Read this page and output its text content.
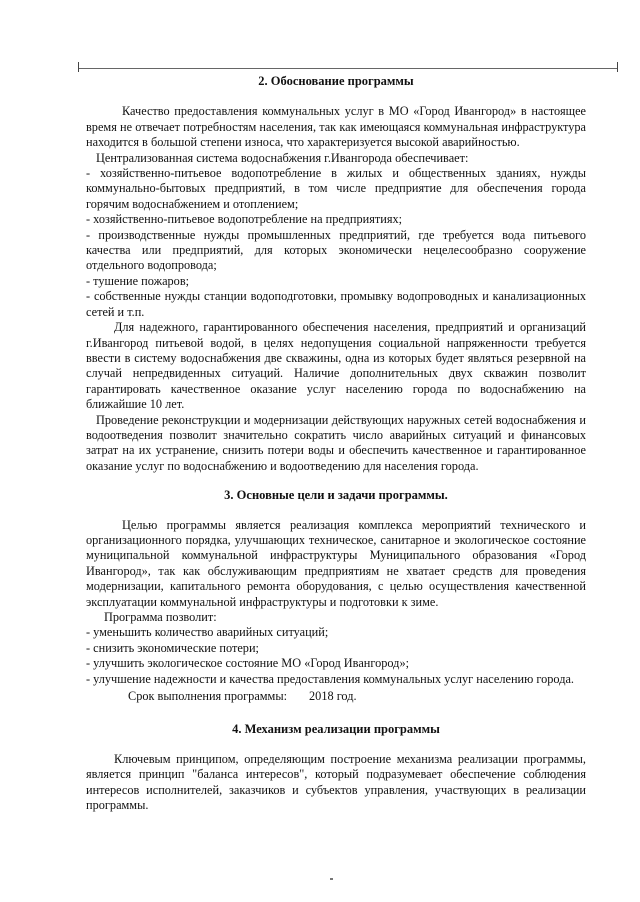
2. Обоснование программы

Качество предоставления коммунальных услуг в МО «Город Ивангород» в настоящее время не отвечает потребностям населения, так как имеющаяся коммунальная инфраструктура находится в большой степени износа, что характеризуется высокой аварийностью.

Централизованная система водоснабжения г.Ивангорода обеспечивает:

- хозяйственно-питьевое водопотребление в жилых и общественных зданиях, нужды коммунально-бытовых предприятий, в том числе предприятие для обеспечения города горячим водоснабжением и отоплением;

- хозяйственно-питьевое водопотребление на предприятиях;

- производственные нужды промышленных предприятий, где требуется вода питьевого качества или предприятий, для которых экономически нецелесообразно сооружение отдельного водопровода;

- тушение пожаров;

- собственные нужды станции водоподготовки, промывку водопроводных и канализационных сетей и т.п.

Для надежного, гарантированного обеспечения населения, предприятий и организаций г.Ивангород питьевой водой, в целях недопущения социальной напряженности требуется ввести в систему водоснабжения две скважины, одна из которых будет являться резервной на случай непредвиденных ситуаций. Наличие дополнительных двух скважин позволит гарантировать качественное оказание услуг населению города по водоснабжению на ближайшие 10 лет.

Проведение реконструкции и модернизации действующих наружных сетей водоснабжения и водоотведения позволит значительно сократить число аварийных ситуаций и финансовых затрат на их устранение, снизить потери воды и обеспечить качественное и гарантированное оказание услуг по водоснабжению и водоотведению для населения города.

3. Основные цели и задачи программы.

Целью программы является реализация комплекса мероприятий технического и организационного порядка, улучшающих техническое, санитарное и экологическое состояние муниципальной коммунальной инфраструктуры Муниципального образования «Город Ивангород», так как обслуживающим предприятиям не хватает средств для проведения модернизации, капитального ремонта оборудования, с целью осуществления качественной эксплуатации коммунальной инфраструктуры и подготовки к зиме.

Программа позволит:

- уменьшить количество аварийных ситуаций;

- снизить экономические потери;

- улучшить экологическое состояние МО «Город Ивангород»;

- улучшение надежности и качества предоставления коммунальных услуг населению города.

Срок выполнения программы: 2018 год.

4. Механизм реализации программы

Ключевым принципом, определяющим построение механизма реализации программы, является принцип "баланса интересов", который подразумевает обеспечение соблюдения интересов исполнителей, заказчиков и субъектов управления, участвующих в реализации программы.
